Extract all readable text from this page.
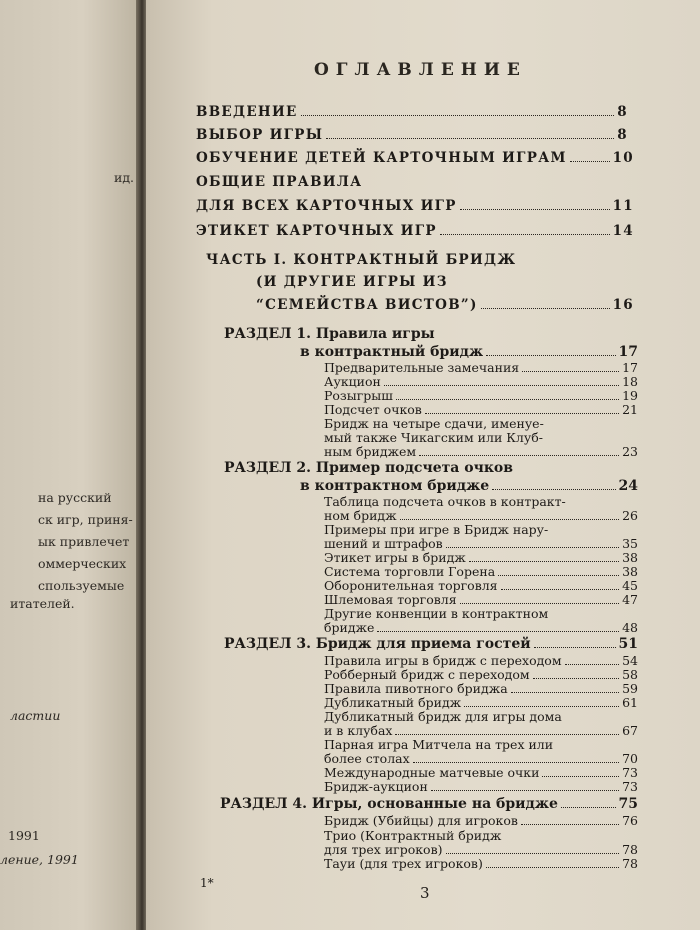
ид.
на русский
ск игр, приня-
ык привлечет
оммерческих
спользуемые
итателей.
ластии
1991
ление, 1991
ОГЛАВЛЕНИЕ
ВВЕДЕНИЕ	8
ВЫБОР ИГРЫ	8
ОБУЧЕНИЕ ДЕТЕЙ КАРТОЧНЫМ ИГРАМ	10
ОБЩИЕ ПРАВИЛА
ДЛЯ ВСЕХ КАРТОЧНЫХ ИГР	11
ЭТИКЕТ КАРТОЧНЫХ ИГР	14
ЧАСТЬ I. КОНТРАКТНЫЙ БРИДЖ
(И ДРУГИЕ ИГРЫ ИЗ
“СЕМЕЙСТВА ВИСТОВ”)	16
РАЗДЕЛ 1. Правила игры
в контрактный бридж	17
Предварительные замечания	17
Аукцион	18
Розыгрыш	19
Подсчет очков	21
Бридж на четыре сдачи, именуе-
мый также Чикагским или Клуб-
ным бриджем	23
РАЗДЕЛ 2. Пример подсчета очков
в контрактном бридже	24
Таблица подсчета очков в контракт-
ном бридж	26
Примеры при игре в Бридж нару-
шений и штрафов	35
Этикет игры в бридж	38
Система торговли Горена	38
Оборонительная торговля	45
Шлемовая торговля	47
Другие конвенции в контрактном
бридже	48
РАЗДЕЛ 3. Бридж для приема гостей	51
Правила игры в бридж с переходом	54
Робберный бридж с переходом	58
Правила пивотного бриджа	59
Дубликатный бридж	61
Дубликатный бридж для игры дома
и в клубах	67
Парная игра Митчела на трех или
более столах	70
Международные матчевые очки	73
Бридж-аукцион	73
РАЗДЕЛ 4. Игры, основанные на бридже	75
Бридж (Убийцы) для игроков	76
Трио (Контрактный бридж
для трех игроков)	78
Тауи (для трех игроков)	78
1*
3
